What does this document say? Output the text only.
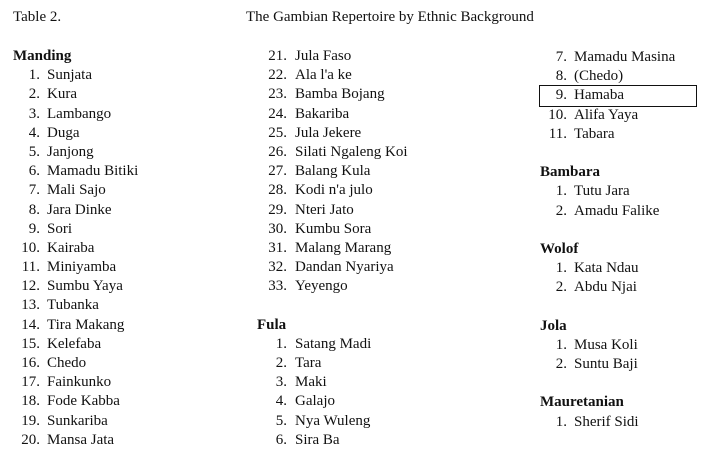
Table 2.	The Gambian Repertoire by Ethnic Background
Manding
1. Sunjata
2. Kura
3. Lambango
4. Duga
5. Janjong
6. Mamadu Bitiki
7. Mali Sajo
8. Jara Dinke
9. Sori
10. Kairaba
11. Miniyamba
12. Sumbu Yaya
13. Tubanka
14. Tira Makang
15. Kelefaba
16. Chedo
17. Fainkunko
18. Fode Kabba
19. Sunkariba
20. Mansa Jata
21. Jula Faso
22. Ala l'a ke
23. Bamba Bojang
24. Bakariba
25. Jula Jekere
26. Silati Ngaleng Koi
27. Balang Kula
28. Kodi n'a julo
29. Nteri Jato
30. Kumbu Sora
31. Malang Marang
32. Dandan Nyariya
33. Yeyengo
Fula
1. Satang Madi
2. Tara
3. Maki
4. Galajo
5. Nya Wuleng
6. Sira Ba
7. Mamadu Masina
8. (Chedo)
9. Hamaba
10. Alifa Yaya
11. Tabara
Bambara
1. Tutu Jara
2. Amadu Falike
Wolof
1. Kata Ndau
2. Abdu Njai
Jola
1. Musa Koli
2. Suntu Baji
Mauretanian
1. Sherif Sidi
